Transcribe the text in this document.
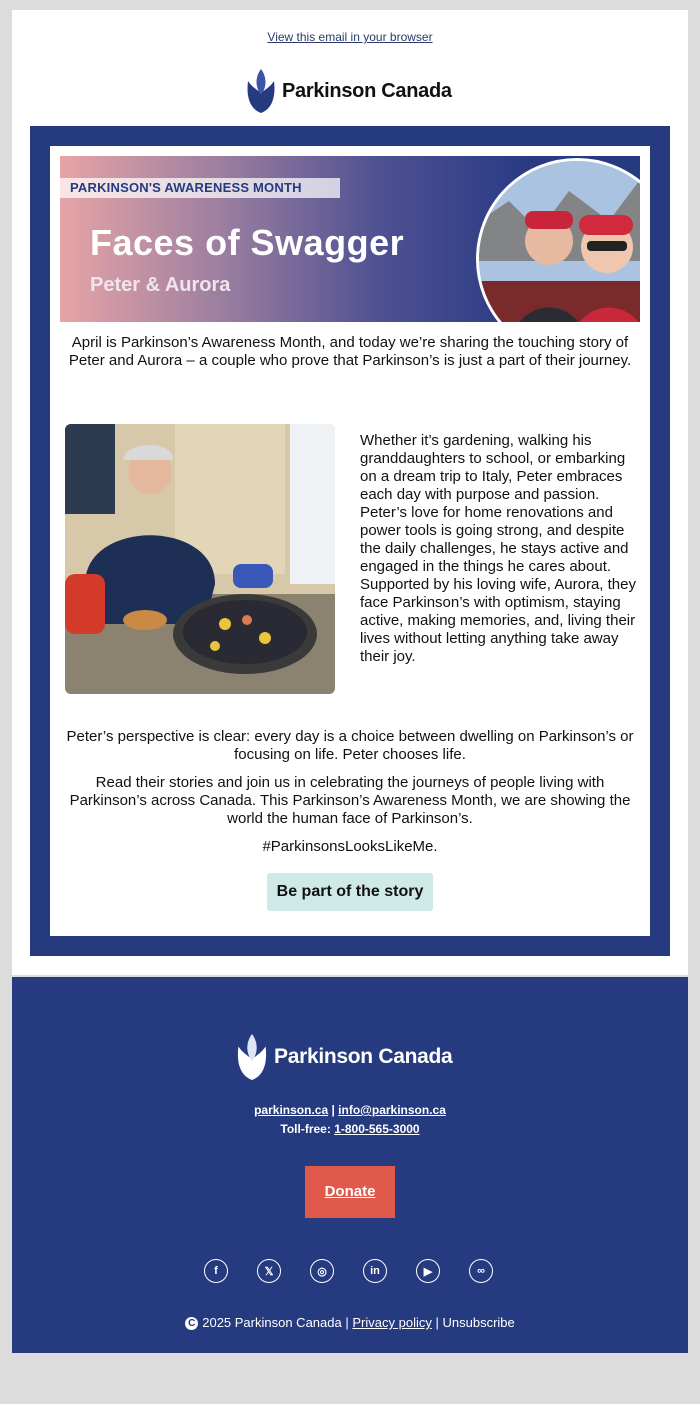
View this email in your browser
Parkinson Canada
PARKINSON'S AWARENESS MONTH
Faces of Swagger
Peter & Aurora
April is Parkinson’s Awareness Month, and today we’re sharing the touching story of Peter and Aurora – a couple who prove that Parkinson’s is just a part of their journey.
Whether it’s gardening, walking his granddaughters to school, or embarking on a dream trip to Italy, Peter embraces each day with purpose and passion. Peter’s love for home renovations and power tools is going strong, and despite the daily challenges, he stays active and engaged in the things he cares about. Supported by his loving wife, Aurora, they face Parkinson’s with optimism, staying active, making memories, and, living their lives without letting anything take away their joy.
Peter’s perspective is clear: every day is a choice between dwelling on Parkinson’s or focusing on life. Peter chooses life.
Read their stories and join us in celebrating the journeys of people living with Parkinson’s across Canada. This Parkinson’s Awareness Month, we are showing the world the human face of Parkinson’s.
#ParkinsonsLooksLikeMe.
Be part of the story
Parkinson Canada
parkinson.ca | info@parkinson.ca
Toll-free: 1-800-565-3000
Donate
f	𝕏	◎	in	▶	∞
C 2025 Parkinson Canada | Privacy policy | Unsubscribe
